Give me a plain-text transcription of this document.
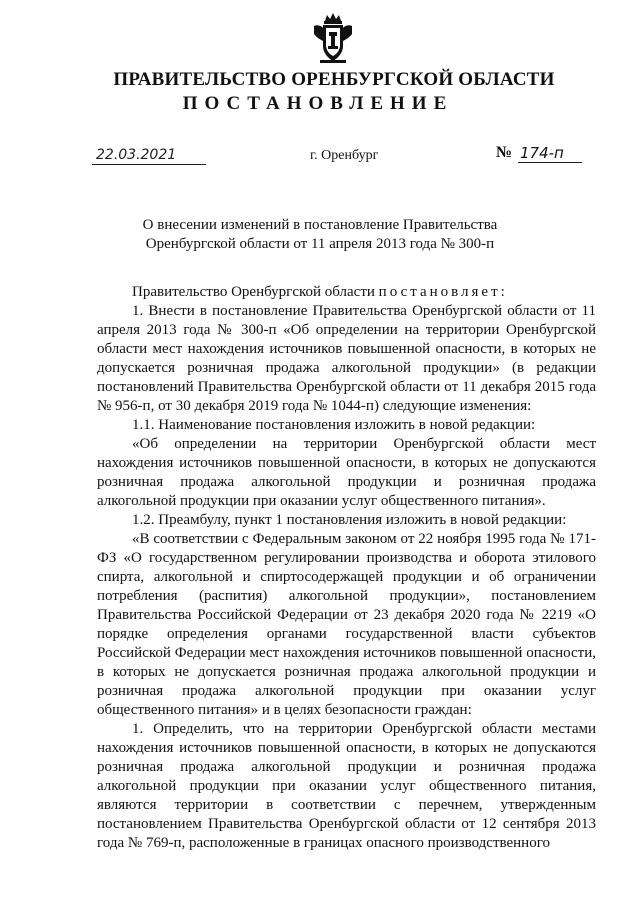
ПРАВИТЕЛЬСТВО ОРЕНБУРГСКОЙ ОБЛАСТИ
ПОСТАНОВЛЕНИЕ
22.03.2021	г. Оренбург	№ 174-п
О внесении изменений в постановление Правительства
Оренбургской области от 11 апреля 2013 года № 300-п

Правительство Оренбургской области постановляет:

1. Внести в постановление Правительства Оренбургской области от 11 апреля 2013 года № 300-п «Об определении на территории Оренбургской области мест нахождения источников повышенной опасности, в которых не допускается розничная продажа алкогольной продукции» (в редакции постановлений Правительства Оренбургской области от 11 декабря 2015 года № 956-п, от 30 декабря 2019 года № 1044-п) следующие изменения:

1.1. Наименование постановления изложить в новой редакции:

«Об определении на территории Оренбургской области мест нахождения источников повышенной опасности, в которых не допускаются розничная продажа алкогольной продукции и розничная продажа алкогольной продукции при оказании услуг общественного питания».

1.2. Преамбулу, пункт 1 постановления изложить в новой редакции:

«В соответствии с Федеральным законом от 22 ноября 1995 года № 171-ФЗ «О государственном регулировании производства и оборота этилового спирта, алкогольной и спиртосодержащей продукции и об ограничении потребления (распития) алкогольной продукции», постановлением Правительства Российской Федерации от 23 декабря 2020 года № 2219 «О порядке определения органами государственной власти субъектов Российской Федерации мест нахождения источников повышенной опасности, в которых не допускается розничная продажа алкогольной продукции и розничная продажа алкогольной продукции при оказании услуг общественного питания» и в целях безопасности граждан:

1. Определить, что на территории Оренбургской области местами нахождения источников повышенной опасности, в которых не допускаются розничная продажа алкогольной продукции и розничная продажа алкогольной продукции при оказании услуг общественного питания, являются территории в соответствии с перечнем, утвержденным постановлением Правительства Оренбургской области от 12 сентября 2013 года № 769-п, расположенные в границах опасного производственного
